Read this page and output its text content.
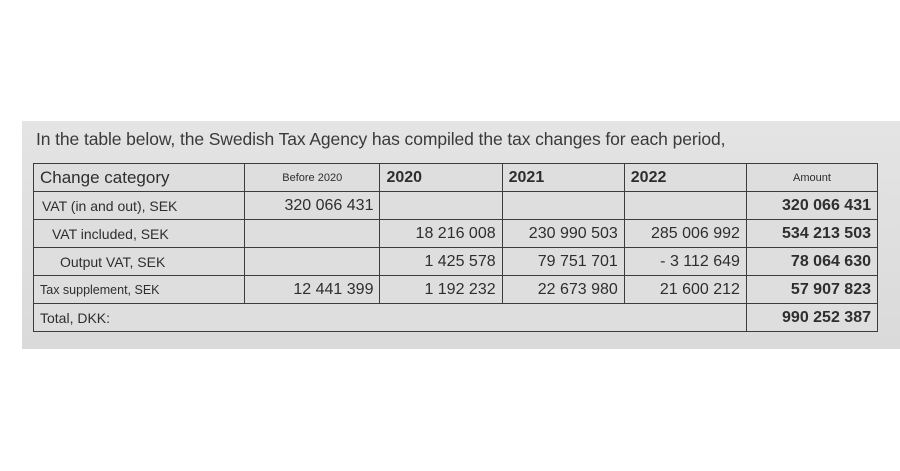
In the table below, the Swedish Tax Agency has compiled the tax changes for each period,
Change category	Before 2020	2020	2021	2022	Amount
VAT (in and out), SEK	320 066 431				320 066 431
VAT included, SEK		18 216 008	230 990 503	285 006 992	534 213 503
Output VAT, SEK		1 425 578	79 751 701	- 3 112 649	78 064 630
Tax supplement, SEK	12 441 399	1 192 232	22 673 980	21 600 212	57 907 823
Total, DKK:					990 252 387
